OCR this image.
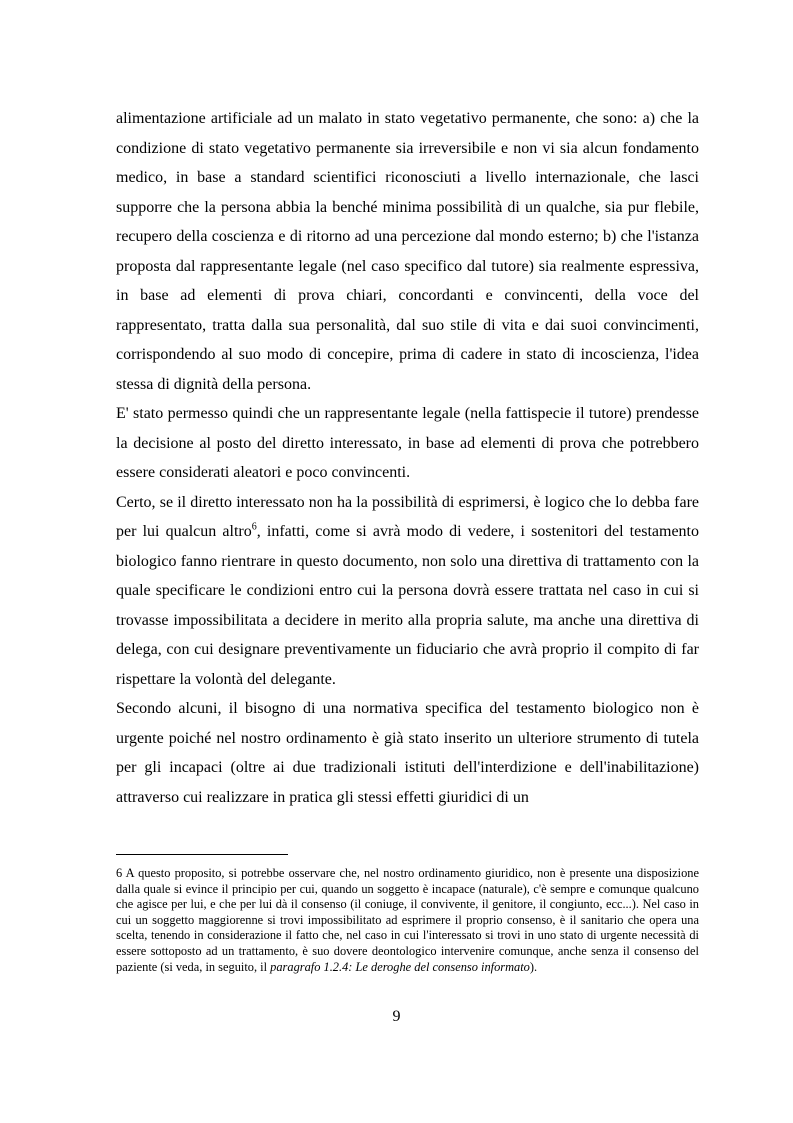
alimentazione artificiale ad un malato in stato vegetativo permanente, che sono: a) che la condizione di stato vegetativo permanente sia irreversibile e non vi sia alcun fondamento medico, in base a standard scientifici riconosciuti a livello internazionale, che lasci supporre che la persona abbia la benché minima possibilità di un qualche, sia pur flebile, recupero della coscienza e di ritorno ad una percezione dal mondo esterno; b) che l'istanza proposta dal rappresentante legale (nel caso specifico dal tutore) sia realmente espressiva, in base ad elementi di prova chiari, concordanti e convincenti, della voce del rappresentato, tratta dalla sua personalità, dal suo stile di vita e dai suoi convincimenti, corrispondendo al suo modo di concepire, prima di cadere in stato di incoscienza, l'idea stessa di dignità della persona.

E' stato permesso quindi che un rappresentante legale (nella fattispecie il tutore) prendesse la decisione al posto del diretto interessato, in base ad elementi di prova che potrebbero essere considerati aleatori e poco convincenti.

Certo, se il diretto interessato non ha la possibilità di esprimersi, è logico che lo debba fare per lui qualcun altro$^6$, infatti, come si avrà modo di vedere, i sostenitori del testamento biologico fanno rientrare in questo documento, non solo una direttiva di trattamento con la quale specificare le condizioni entro cui la persona dovrà essere trattata nel caso in cui si trovasse impossibilitata a decidere in merito alla propria salute, ma anche una direttiva di delega, con cui designare preventivamente un fiduciario che avrà proprio il compito di far rispettare la volontà del delegante.

Secondo alcuni, il bisogno di una normativa specifica del testamento biologico non è urgente poiché nel nostro ordinamento è già stato inserito un ulteriore strumento di tutela per gli incapaci (oltre ai due tradizionali istituti dell'interdizione e dell'inabilitazione) attraverso cui realizzare in pratica gli stessi effetti giuridici di un

6 A questo proposito, si potrebbe osservare che, nel nostro ordinamento giuridico, non è presente una disposizione dalla quale si evince il principio per cui, quando un soggetto è incapace (naturale), c'è sempre e comunque qualcuno che agisce per lui, e che per lui dà il consenso (il coniuge, il convivente, il genitore, il congiunto, ecc...). Nel caso in cui un soggetto maggiorenne si trovi impossibilitato ad esprimere il proprio consenso, è il sanitario che opera una scelta, tenendo in considerazione il fatto che, nel caso in cui l'interessato si trovi in uno stato di urgente necessità di essere sottoposto ad un trattamento, è suo dovere deontologico intervenire comunque, anche senza il consenso del paziente (si veda, in seguito, il paragrafo 1.2.4: Le deroghe del consenso informato).

9
